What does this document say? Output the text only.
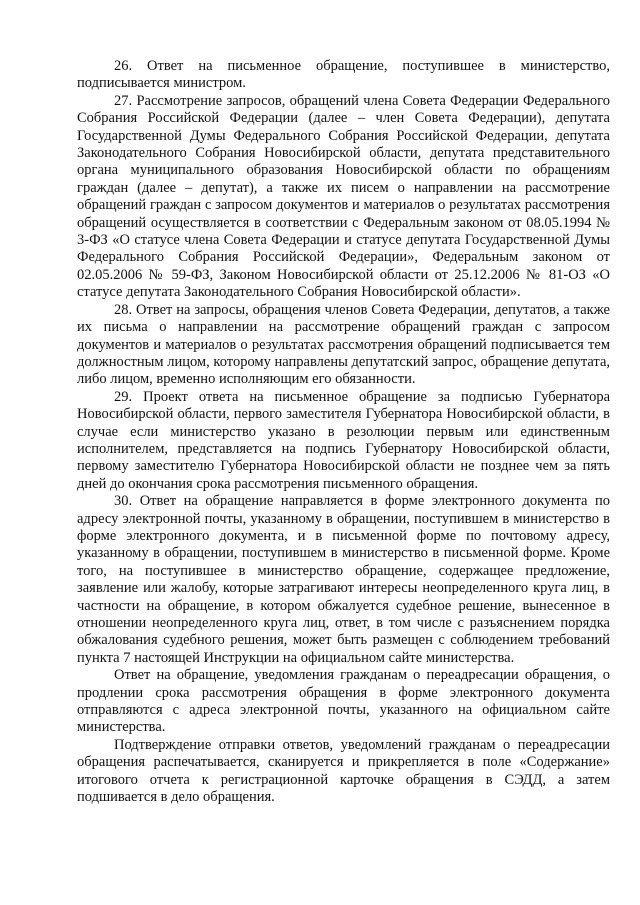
26. Ответ на письменное обращение, поступившее в министерство, подписывается министром.

27. Рассмотрение запросов, обращений члена Совета Федерации Федерального Собрания Российской Федерации (далее – член Совета Федерации), депутата Государственной Думы Федерального Собрания Российской Федерации, депутата Законодательного Собрания Новосибирской области, депутата представительного органа муниципального образования Новосибирской области по обращениям граждан (далее – депутат), а также их писем о направлении на рассмотрение обращений граждан с запросом документов и материалов о результатах рассмотрения обращений осуществляется в соответствии с Федеральным законом от 08.05.1994 № 3-ФЗ «О статусе члена Совета Федерации и статусе депутата Государственной Думы Федерального Собрания Российской Федерации», Федеральным законом от 02.05.2006 № 59-ФЗ, Законом Новосибирской области от 25.12.2006 № 81-ОЗ «О статусе депутата Законодательного Собрания Новосибирской области».

28. Ответ на запросы, обращения членов Совета Федерации, депутатов, а также их письма о направлении на рассмотрение обращений граждан с запросом документов и материалов о результатах рассмотрения обращений подписывается тем должностным лицом, которому направлены депутатский запрос, обращение депутата, либо лицом, временно исполняющим его обязанности.

29. Проект ответа на письменное обращение за подписью Губернатора Новосибирской области, первого заместителя Губернатора Новосибирской области, в случае если министерство указано в резолюции первым или единственным исполнителем, представляется на подпись Губернатору Новосибирской области, первому заместителю Губернатора Новосибирской области не позднее чем за пять дней до окончания срока рассмотрения письменного обращения.

30. Ответ на обращение направляется в форме электронного документа по адресу электронной почты, указанному в обращении, поступившем в министерство в форме электронного документа, и в письменной форме по почтовому адресу, указанному в обращении, поступившем в министерство в письменной форме. Кроме того, на поступившее в министерство обращение, содержащее предложение, заявление или жалобу, которые затрагивают интересы неопределенного круга лиц, в частности на обращение, в котором обжалуется судебное решение, вынесенное в отношении неопределенного круга лиц, ответ, в том числе с разъяснением порядка обжалования судебного решения, может быть размещен с соблюдением требований пункта 7 настоящей Инструкции на официальном сайте министерства.

Ответ на обращение, уведомления гражданам о переадресации обращения, о продлении срока рассмотрения обращения в форме электронного документа отправляются с адреса электронной почты, указанного на официальном сайте министерства.

Подтверждение отправки ответов, уведомлений гражданам о переадресации обращения распечатывается, сканируется и прикрепляется в поле «Содержание» итогового отчета к регистрационной карточке обращения в СЭДД, а затем подшивается в дело обращения.
